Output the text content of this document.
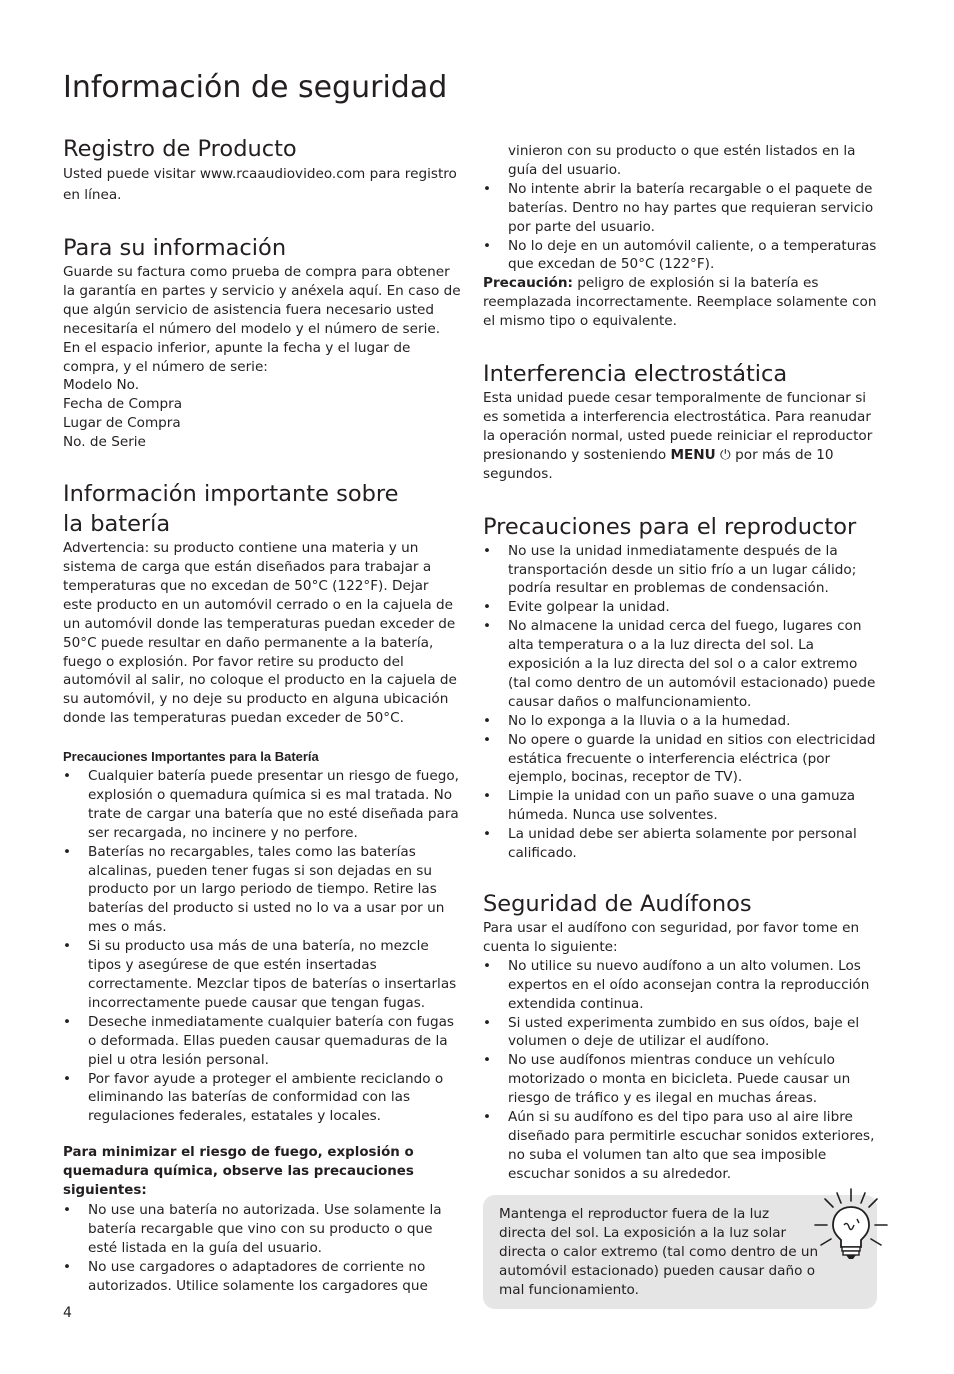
Información de seguridad
Registro de Producto

Usted puede visitar www.rcaaudiovideo.com para registro en línea.

Para su información

Guarde su factura como prueba de compra para obtener la garantía en partes y servicio y anéxela aquí. En caso de que algún servicio de asistencia fuera necesario usted necesitaría el número del modelo y el número de serie. En el espacio inferior, apunte la fecha y el lugar de compra, y el número de serie:

Modelo No.

Fecha de Compra

Lugar de Compra

No. de Serie

Información importante sobre la batería

Advertencia: su producto contiene una materia y un sistema de carga que están diseñados para trabajar a temperaturas que no excedan de 50°C (122°F). Dejar este producto en un automóvil cerrado o en la cajuela de un automóvil donde las temperaturas puedan exceder de 50°C puede resultar en daño permanente a la batería, fuego o explosión. Por favor retire su producto del automóvil al salir, no coloque el producto en la cajuela de su automóvil, y no deje su producto en alguna ubicación donde las temperaturas puedan exceder de 50°C.

Precauciones Importantes para la Batería

• Cualquier batería puede presentar un riesgo de fuego, explosión o quemadura química si es mal tratada. No trate de cargar una batería que no esté diseñada para ser recargada, no incinere y no perfore.
• Baterías no recargables, tales como las baterías alcalinas, pueden tener fugas si son dejadas en su producto por un largo periodo de tiempo. Retire las baterías del producto si usted no lo va a usar por un mes o más.
• Si su producto usa más de una batería, no mezcle tipos y asegúrese de que estén insertadas correctamente. Mezclar tipos de baterías o insertarlas incorrectamente puede causar que tengan fugas.
• Deseche inmediatamente cualquier batería con fugas o deformada. Ellas pueden causar quemaduras de la piel u otra lesión personal.
• Por favor ayude a proteger el ambiente reciclando o eliminando las baterías de conformidad con las regulaciones federales, estatales y locales.

Para minimizar el riesgo de fuego, explosión o quemadura química, observe las precauciones siguientes:

• No use una batería no autorizada. Use solamente la batería recargable que vino con su producto o que esté listada en la guía del usuario.
• No use cargadores o adaptadores de corriente no autorizados. Utilice solamente los cargadores que

vinieron con su producto o que estén listados en la guía del usuario.

• No intente abrir la batería recargable o el paquete de baterías. Dentro no hay partes que requieran servicio por parte del usuario.
• No lo deje en un automóvil caliente, o a temperaturas que excedan de 50°C (122°F).

Precaución: peligro de explosión si la batería es reemplazada incorrectamente. Reemplace solamente con el mismo tipo o equivalente.

Interferencia electrostática

Esta unidad puede cesar temporalmente de funcionar si es sometida a interferencia electrostática. Para reanudar la operación normal, usted puede reiniciar el reproductor presionando y sosteniendo MENU ⏻ por más de 10 segundos.

Precauciones para el reproductor
• No use la unidad inmediatamente después de la transportación desde un sitio frío a un lugar cálido; podría resultar en problemas de condensación.
• Evite golpear la unidad.
• No almacene la unidad cerca del fuego, lugares con alta temperatura o a la luz directa del sol. La exposición a la luz directa del sol o a calor extremo (tal como dentro de un automóvil estacionado) puede causar daños o malfuncionamiento.
• No lo exponga a la lluvia o a la humedad.
• No opere o guarde la unidad en sitios con electricidad estática frecuente o interferencia eléctrica (por ejemplo, bocinas, receptor de TV).
• Limpie la unidad con un paño suave o una gamuza húmeda. Nunca use solventes.
• La unidad debe ser abierta solamente por personal calificado.
Seguridad de Audífonos

Para usar el audífono con seguridad, por favor tome en cuenta lo siguiente:

• No utilice su nuevo audífono a un alto volumen. Los expertos en el oído aconsejan contra la reproducción extendida continua.
• Si usted experimenta zumbido en sus oídos, baje el volumen o deje de utilizar el audífono.
• No use audífonos mientras conduce un vehículo motorizado o monta en bicicleta. Puede causar un riesgo de tráfico y es ilegal en muchas áreas.
• Aún si su audífono es del tipo para uso al aire libre diseñado para permitirle escuchar sonidos exteriores, no suba el volumen tan alto que sea imposible escuchar sonidos a su alrededor.

Mantenga el reproductor fuera de la luz directa del sol. La exposición a la luz solar directa o calor extremo (tal como dentro de un automóvil estacionado) pueden causar daño o mal funcionamiento.

4
